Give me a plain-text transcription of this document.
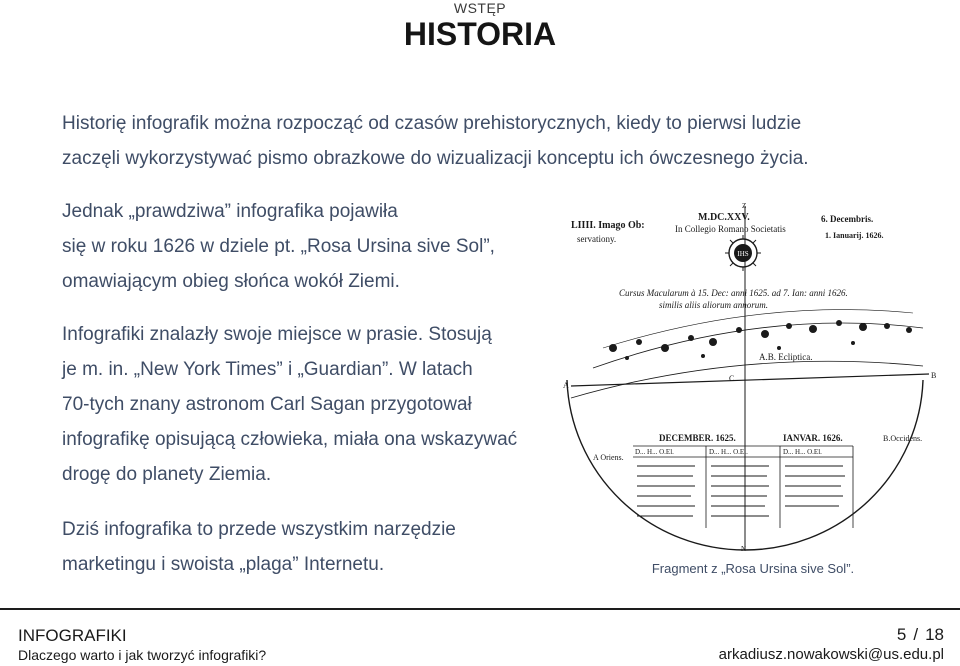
WSTĘP
HISTORIA
Historię infografik można rozpocząć od czasów prehistorycznych, kiedy to pierwsi ludzie
zaczęli wykorzystywać pismo obrazkowe do wizualizacji konceptu ich ówczesnego życia.
Jednak „prawdziwa” infografika pojawiła
się w roku 1626 w dziele pt. „Rosa Ursina sive Sol”,
omawiającym obieg słońca wokół Ziemi.
Infografiki znalazły swoje miejsce w prasie. Stosują
je m. in. „New York Times” i „Guardian”. W latach
70-tych znany astronom Carl Sagan przygotował
infografikę opisującą człowieka, miała ona wskazywać
drogę do planety Ziemia.
Dziś infografika to przede wszystkim narzędzie
marketingu i swoista „plaga” Internetu.
LIIII. Imago Ob:
servationy.
M.DC.XXV.
In Collegio Romano Societatis
6. Decembris.
1. Ianuarij. 1626.
Z
IHS
Cursus Macularum à 15. Dec: anni 1625. ad 7. Ian: anni 1626.
similis aliis aliorum annorum.
A.B. Ecliptica.
A
B
C
DECEMBER. 1625.	IANVAR. 1626.
A Oriens.
B.Occidens.
D... H... O.El.	D... H... O.El.	D... H... O.El.
N
Fragment z „Rosa Ursina sive Sol”.
INFOGRAFIKI
Dlaczego warto i jak tworzyć infografiki?
5 / 18
arkadiusz.nowakowski@us.edu.pl
